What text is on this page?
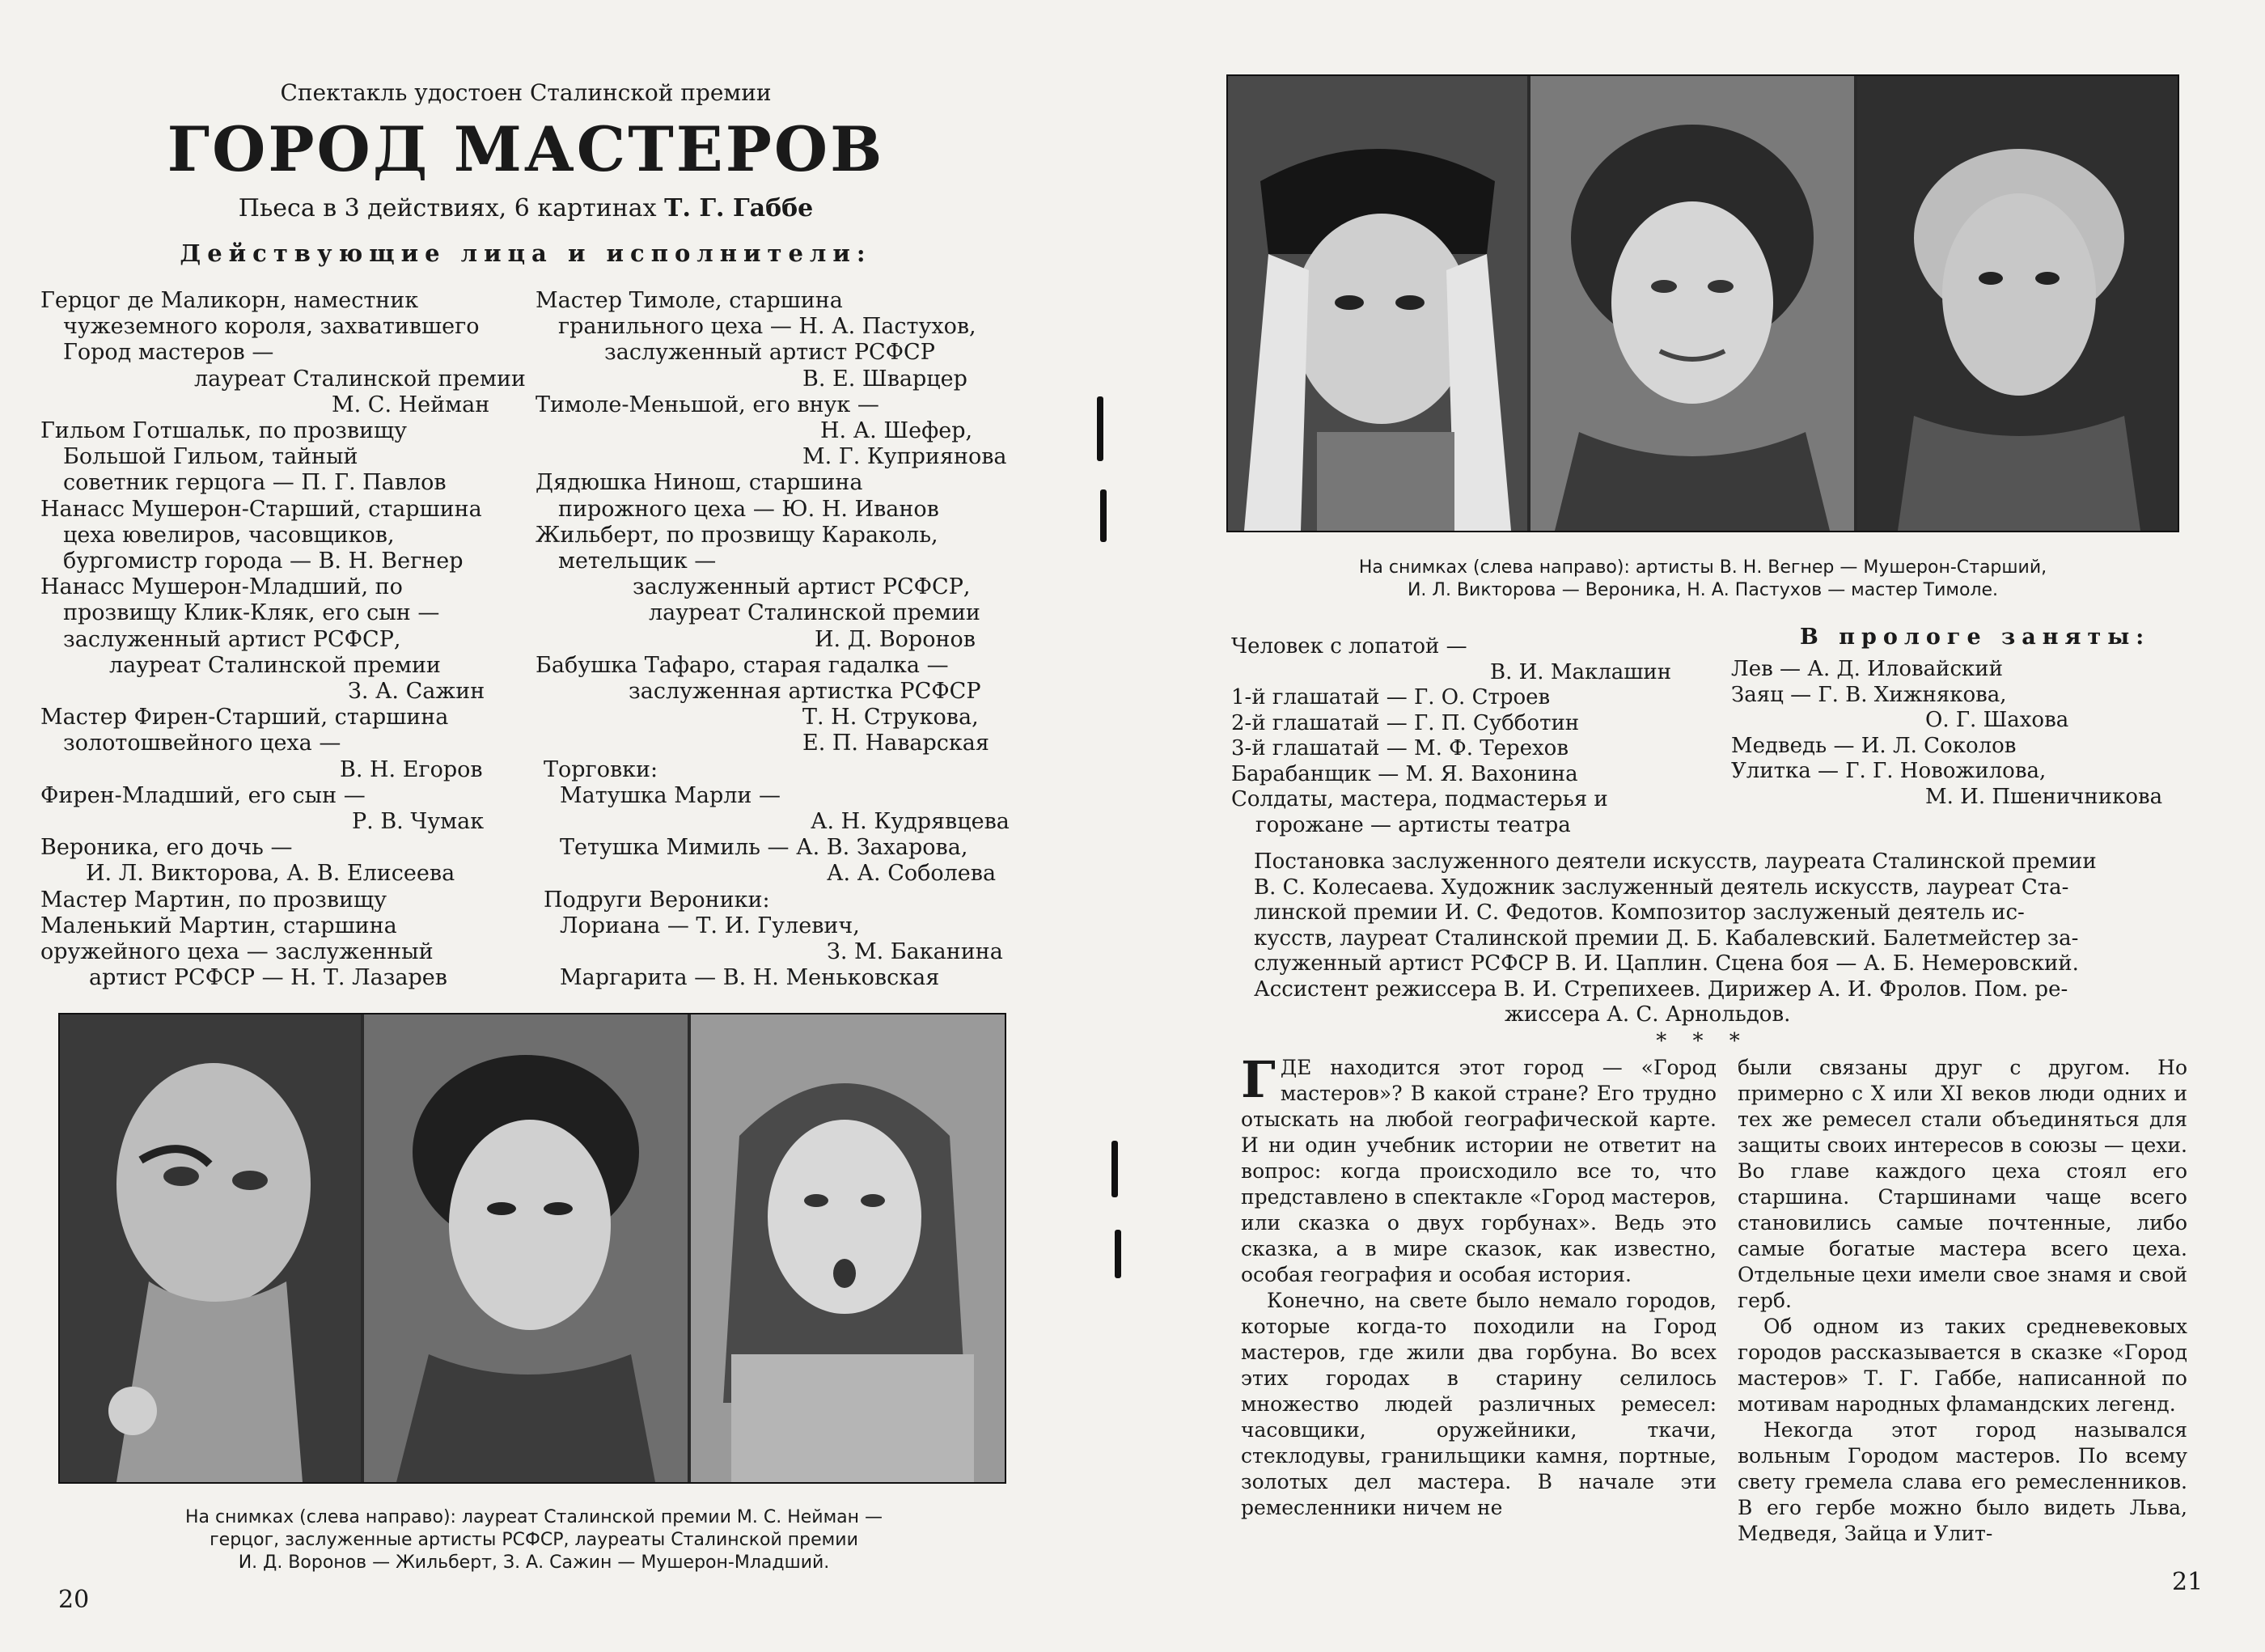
Спектакль удостоен Сталинской премии
ГОРОД МАСТЕРОВ
Пьеса в 3 действиях, 6 картинах Т. Г. Габбе
Действующие лица и исполнители:
Герцог де Маликорн, наместник
чужеземного короля, захватившего
Город мастеров —
лауреат Сталинской премии
М. С. Нейман
Гильом Готшальк, по прозвищу
Большой Гильом, тайный
советник герцога — П. Г. Павлов
Нанасс Мушерон-Старший, старшина
цеха ювелиров, часовщиков,
бургомистр города — В. Н. Вегнер
Нанасс Мушерон-Младший, по
прозвищу Клик-Кляк, его сын —
заслуженный артист РСФСР,
лауреат Сталинской премии
З. А. Сажин
Мастер Фирен-Старший, старшина
золотошвейного цеха —
В. Н. Егоров
Фирен-Младший, его сын —
Р. В. Чумак
Вероника, его дочь —
И. Л. Викторова, А. В. Елисеева
Мастер Мартин, по прозвищу
Маленький Мартин, старшина
оружейного цеха — заслуженный
артист РСФСР — Н. Т. Лазарев
Мастер Тимоле, старшина
гранильного цеха — Н. А. Пастухов,
заслуженный артист РСФСР
В. Е. Шварцер
Тимоле-Меньшой, его внук —
Н. А. Шефер,
М. Г. Куприянова
Дядюшка Нинош, старшина
пирожного цеха — Ю. Н. Иванов
Жильберт, по прозвищу Караколь,
метельщик —
заслуженный артист РСФСР,
лауреат Сталинской премии
И. Д. Воронов
Бабушка Тафаро, старая гадалка —
заслуженная артистка РСФСР
Т. Н. Струкова,
Е. П. Наварская
Торговки:
Матушка Марли —
А. Н. Кудрявцева
Тетушка Мимиль — А. В. Захарова,
А. А. Соболева
Подруги Вероники:
Лориана — Т. И. Гулевич,
З. М. Баканина
Маргарита — В. Н. Меньковская
На снимках (слева направо): лауреат Сталинской премии М. С. Нейман —
герцог, заслуженные артисты РСФСР, лауреаты Сталинской премии
И. Д. Воронов — Жильберт, З. А. Сажин — Мушерон-Младший.
20
На снимках (слева направо): артисты В. Н. Вегнер — Мушерон-Старший,
И. Л. Викторова — Вероника, Н. А. Пастухов — мастер Тимоле.
Человек с лопатой —
В. И. Маклашин
1-й глашатай — Г. О. Строев
2-й глашатай — Г. П. Субботин
3-й глашатай — М. Ф. Терехов
Барабанщик — М. Я. Вахонина
Солдаты, мастера, подмастерья и
горожане — артисты театра
В прологе заняты:
Лев — А. Д. Иловайский
Заяц — Г. В. Хижнякова,
О. Г. Шахова
Медведь — И. Л. Соколов
Улитка — Г. Г. Новожилова,
М. И. Пшеничникова
Постановка заслуженного деятели искусств, лауреата Сталинской премии
В. С. Колесаева. Художник заслуженный деятель искусств, лауреат Ста-
линской премии И. С. Федотов. Композитор заслуженый деятель ис-
кусств, лауреат Сталинской премии Д. Б. Кабалевский. Балетмейстер за-
служенный артист РСФСР В. И. Цаплин. Сцена боя — А. Б. Немеровский.
Ассистент режиссера В. И. Стрепихеев. Дирижер А. И. Фролов. Пом. ре-
жиссера А. С. Арнольдов.
* * *

ГДЕ находится этот город — «Город мастеров»? В какой стране? Его трудно отыскать на любой географической карте. И ни один учебник истории не ответит на вопрос: когда происходило все то, что представлено в спектакле «Город мастеров, или сказка о двух горбунах». Ведь это сказка, а в мире сказок, как известно, особая география и особая история.

Конечно, на свете было немало городов, которые когда-то походили на Город мастеров, где жили два горбуна. Во всех этих городах в старину селилось множество людей различных ремесел: часовщики, оружейники, ткачи, стеклодувы, гранильщики камня, портные, золотых дел мастера. В начале эти ремесленники ничем не

были связаны друг с другом. Но примерно с X или XI веков люди одних и тех же ремесел стали объединяться для защиты своих интересов в союзы — цехи. Во главе каждого цеха стоял его старшина. Старшинами чаще всего становились самые почтенные, либо самые богатые мастера всего цеха. Отдельные цехи имели свое знамя и свой герб.

Об одном из таких средневековых городов рассказывается в сказке «Город мастеров» Т. Г. Габбе, написанной по мотивам народных фламандских легенд.

Некогда этот город назывался вольным Городом мастеров. По всему свету гремела слава его ремесленников. В его гербе можно было видеть Льва, Медведя, Зайца и Улит-

21
